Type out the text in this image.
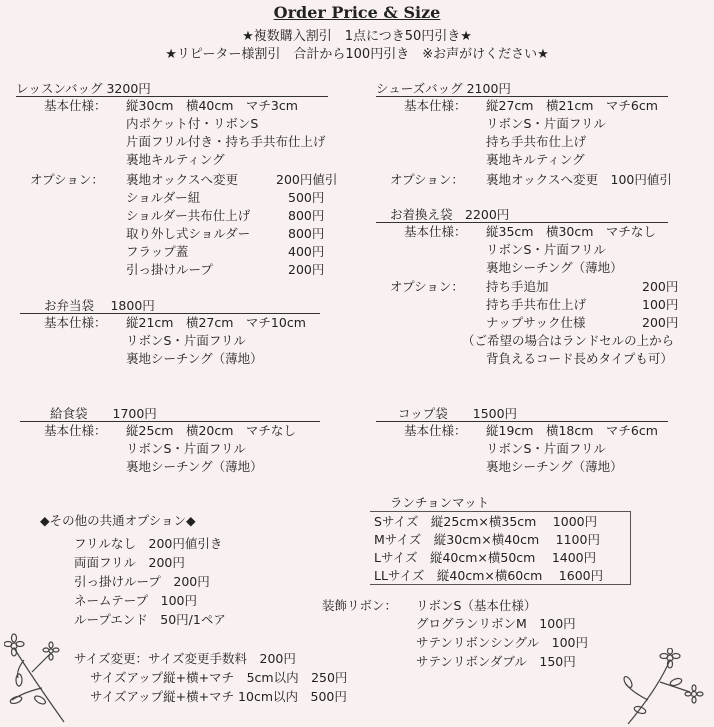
Order Price & Size
★複数購入割引　1点につき50円引き★
★リピーター様割引　合計から100円引き　※お声がけください★
レッスンバッグ 3200円
基本仕様： 縦30cm　横40cm　マチ3cm
内ポケット付・リボンS
片面フリル付き・持ち手共布仕上げ
裏地キルティング
オプション： 裏地オックスへ変更	200円値引
ショルダー紐	500円
ショルダー共布仕上げ	800円
取り外し式ショルダー	800円
フラップ蓋	400円
引っ掛けループ	200円
シューズバッグ 2100円
基本仕様： 縦27cm　横21cm　マチ6cm
リボンS・片面フリル
持ち手共布仕上げ
裏地キルティング
オプション： 裏地オックスへ変更　100円値引
お着換え袋　2200円
基本仕様： 縦35cm　横30cm　マチなし
リボンS・片面フリル
裏地シーチング（薄地）
オプション： 持ち手追加	200円
持ち手共布仕上げ	100円
ナップサック仕様	200円
（ご希望の場合はランドセルの上から
背負えるコード長めタイプも可）
お弁当袋　 1800円
基本仕様： 縦21cm　横27cm　マチ10cm
リボンS・片面フリル
裏地シーチング（薄地）
給食袋　　1700円
基本仕様： 縦25cm　横20cm　マチなし
リボンS・片面フリル
裏地シーチング（薄地）
コップ袋　　1500円
基本仕様： 縦19cm　横18cm　マチ6cm
リボンS・片面フリル
裏地シーチング（薄地）
◆その他の共通オプション◆
フリルなし　200円値引き
両面フリル　200円
引っ掛けループ　200円
ネームテープ　100円
ループエンド　50円/1ペア
サイズ変更：サイズ変更手数料　200円
サイズアップ縦+横+マチ　5cm以内　250円
サイズアップ縦+横+マチ 10cm以内　500円
ランチョンマット
Sサイズ　縦25cm×横35cm　 1000円
Mサイズ　縦30cm×横40cm　 1100円
Lサイズ　縦40cm×横50cm　 1400円
LLサイズ　縦40cm×横60cm　 1600円
装飾リボン： リボンS（基本仕様）
グログランリボンM　100円
サテンリボンシングル　100円
サテンリボンダブル　150円
